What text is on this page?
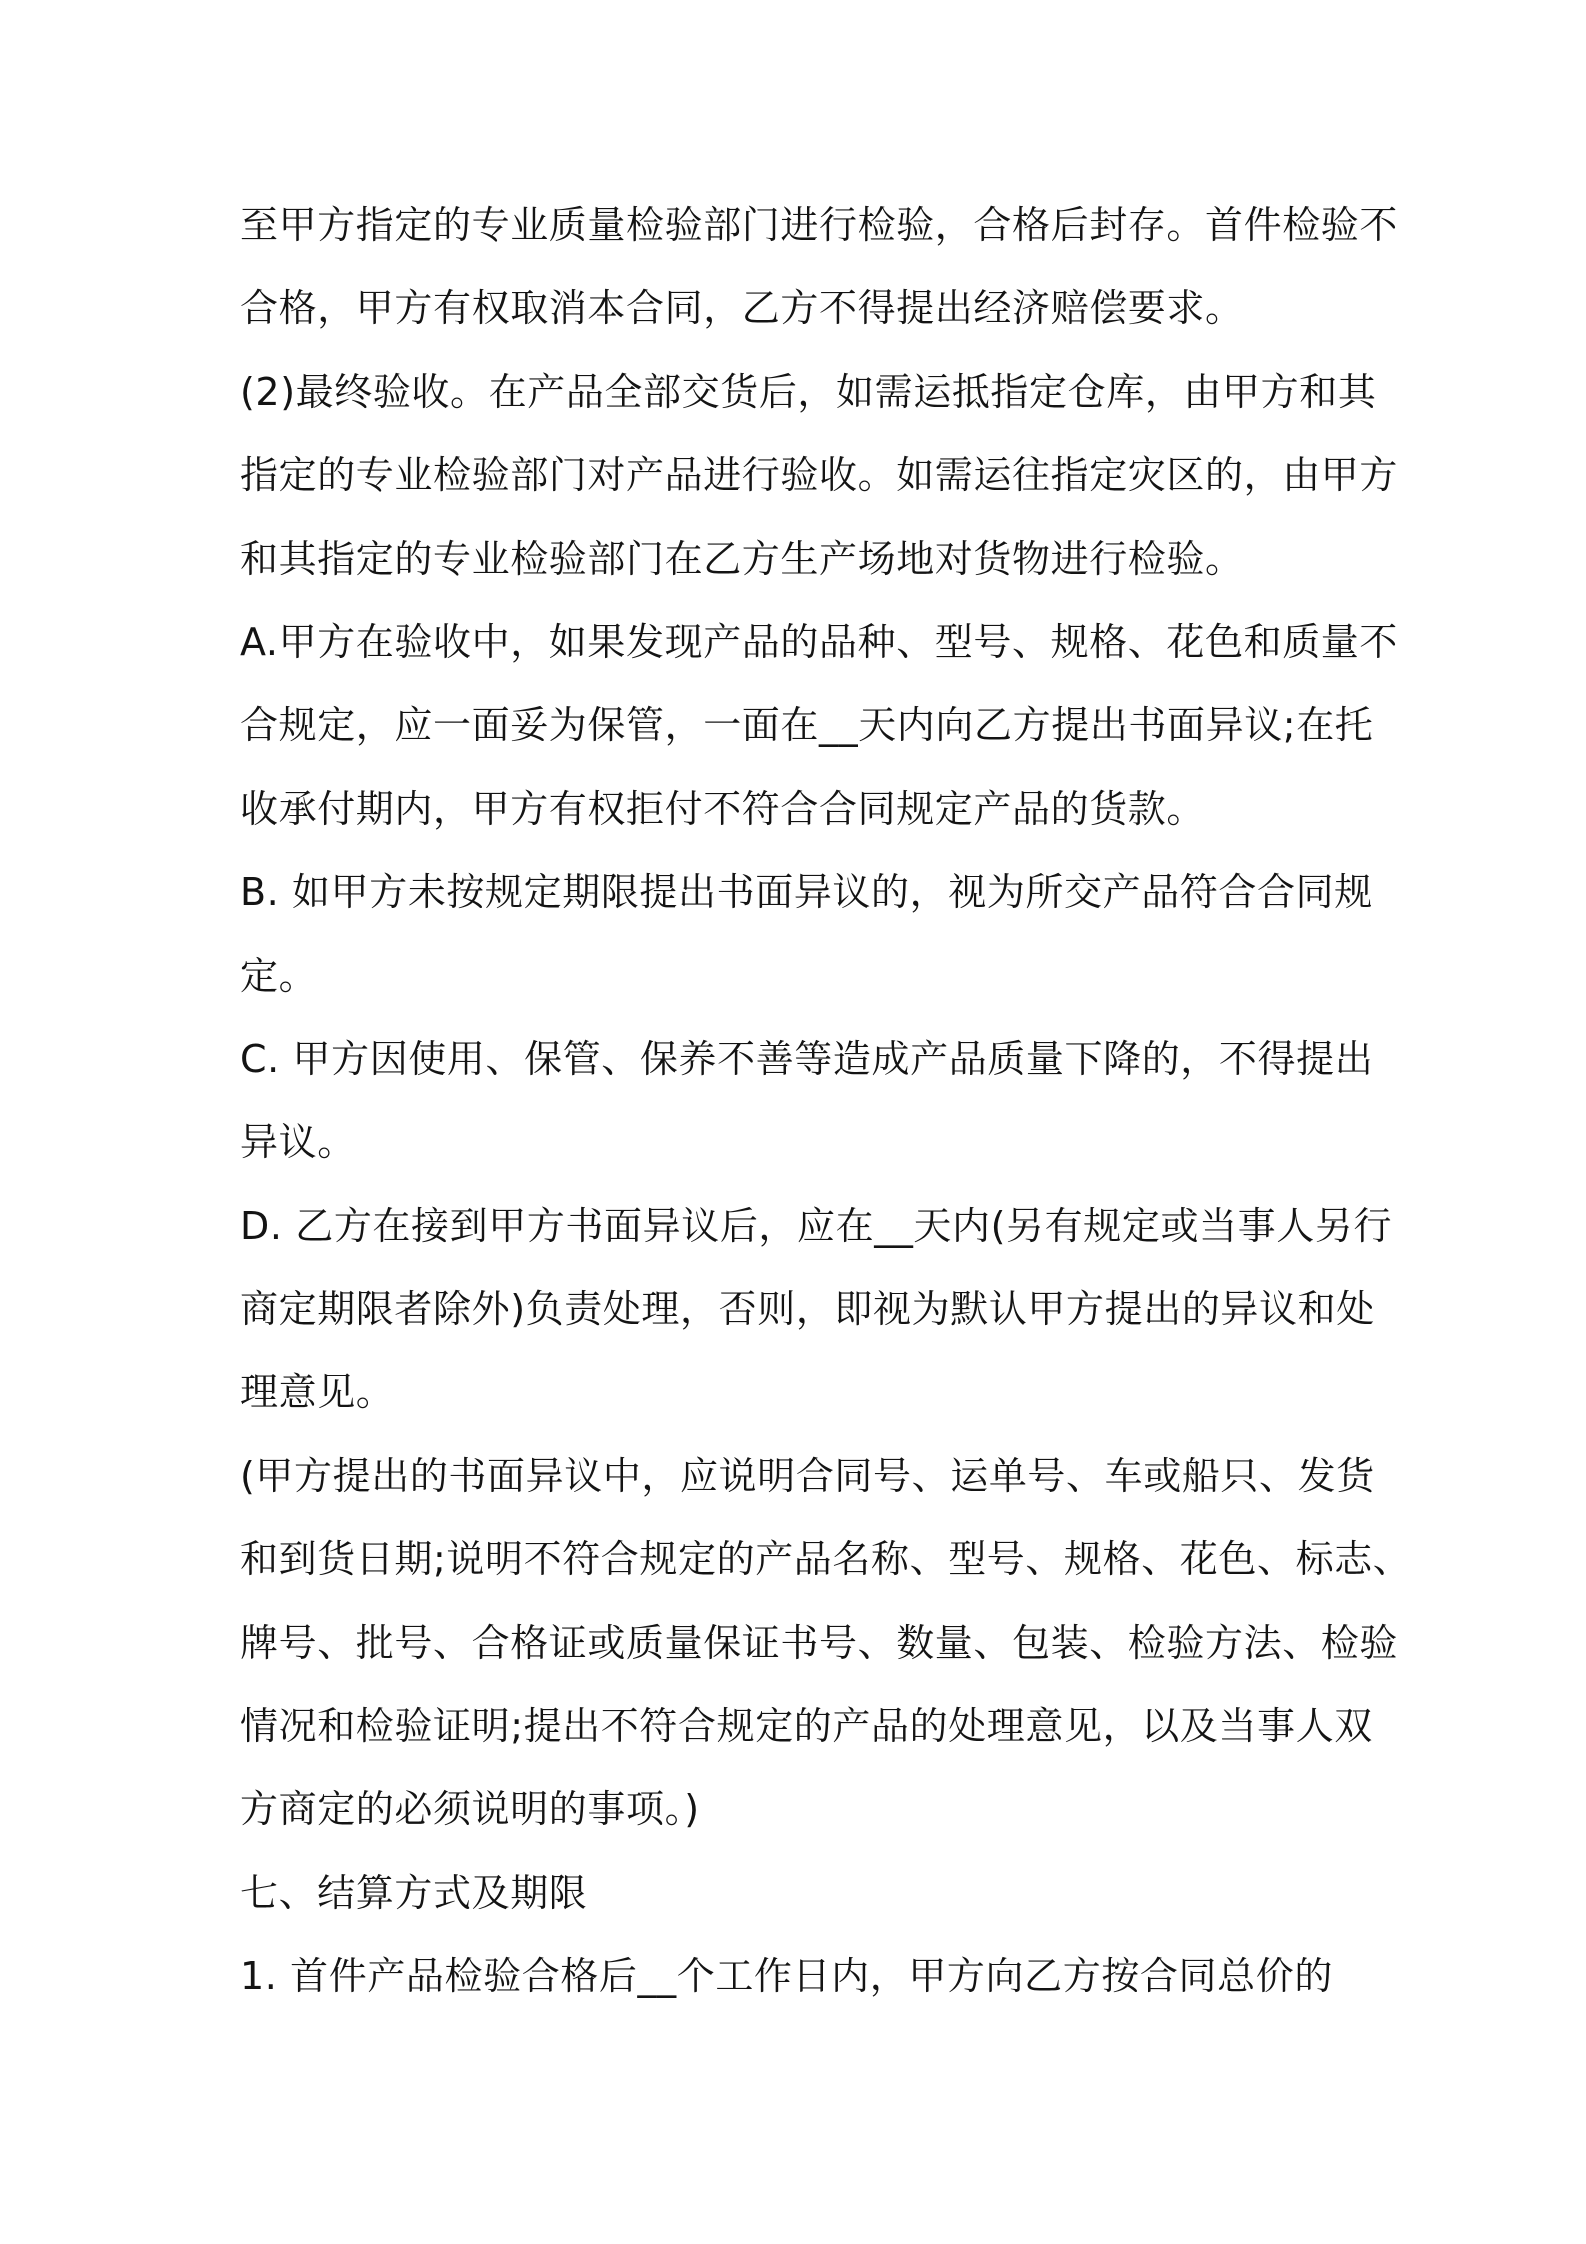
至甲方指定的专业质量检验部门进行检验，合格后封存。首件检验不
合格，甲方有权取消本合同，乙方不得提出经济赔偿要求。
(2)最终验收。在产品全部交货后，如需运抵指定仓库，由甲方和其
指定的专业检验部门对产品进行验收。如需运往指定灾区的，由甲方
和其指定的专业检验部门在乙方生产场地对货物进行检验。
A.甲方在验收中，如果发现产品的品种、型号、规格、花色和质量不
合规定，应一面妥为保管，一面在__天内向乙方提出书面异议;在托
收承付期内，甲方有权拒付不符合合同规定产品的货款。
B. 如甲方未按规定期限提出书面异议的，视为所交产品符合合同规
定。
C. 甲方因使用、保管、保养不善等造成产品质量下降的，不得提出
异议。
D. 乙方在接到甲方书面异议后，应在__天内(另有规定或当事人另行
商定期限者除外)负责处理，否则，即视为默认甲方提出的异议和处
理意见。
(甲方提出的书面异议中，应说明合同号、运单号、车或船只、发货
和到货日期;说明不符合规定的产品名称、型号、规格、花色、标志、
牌号、批号、合格证或质量保证书号、数量、包装、检验方法、检验
情况和检验证明;提出不符合规定的产品的处理意见，以及当事人双
方商定的必须说明的事项。)
七、结算方式及期限
1. 首件产品检验合格后__个工作日内，甲方向乙方按合同总价的
